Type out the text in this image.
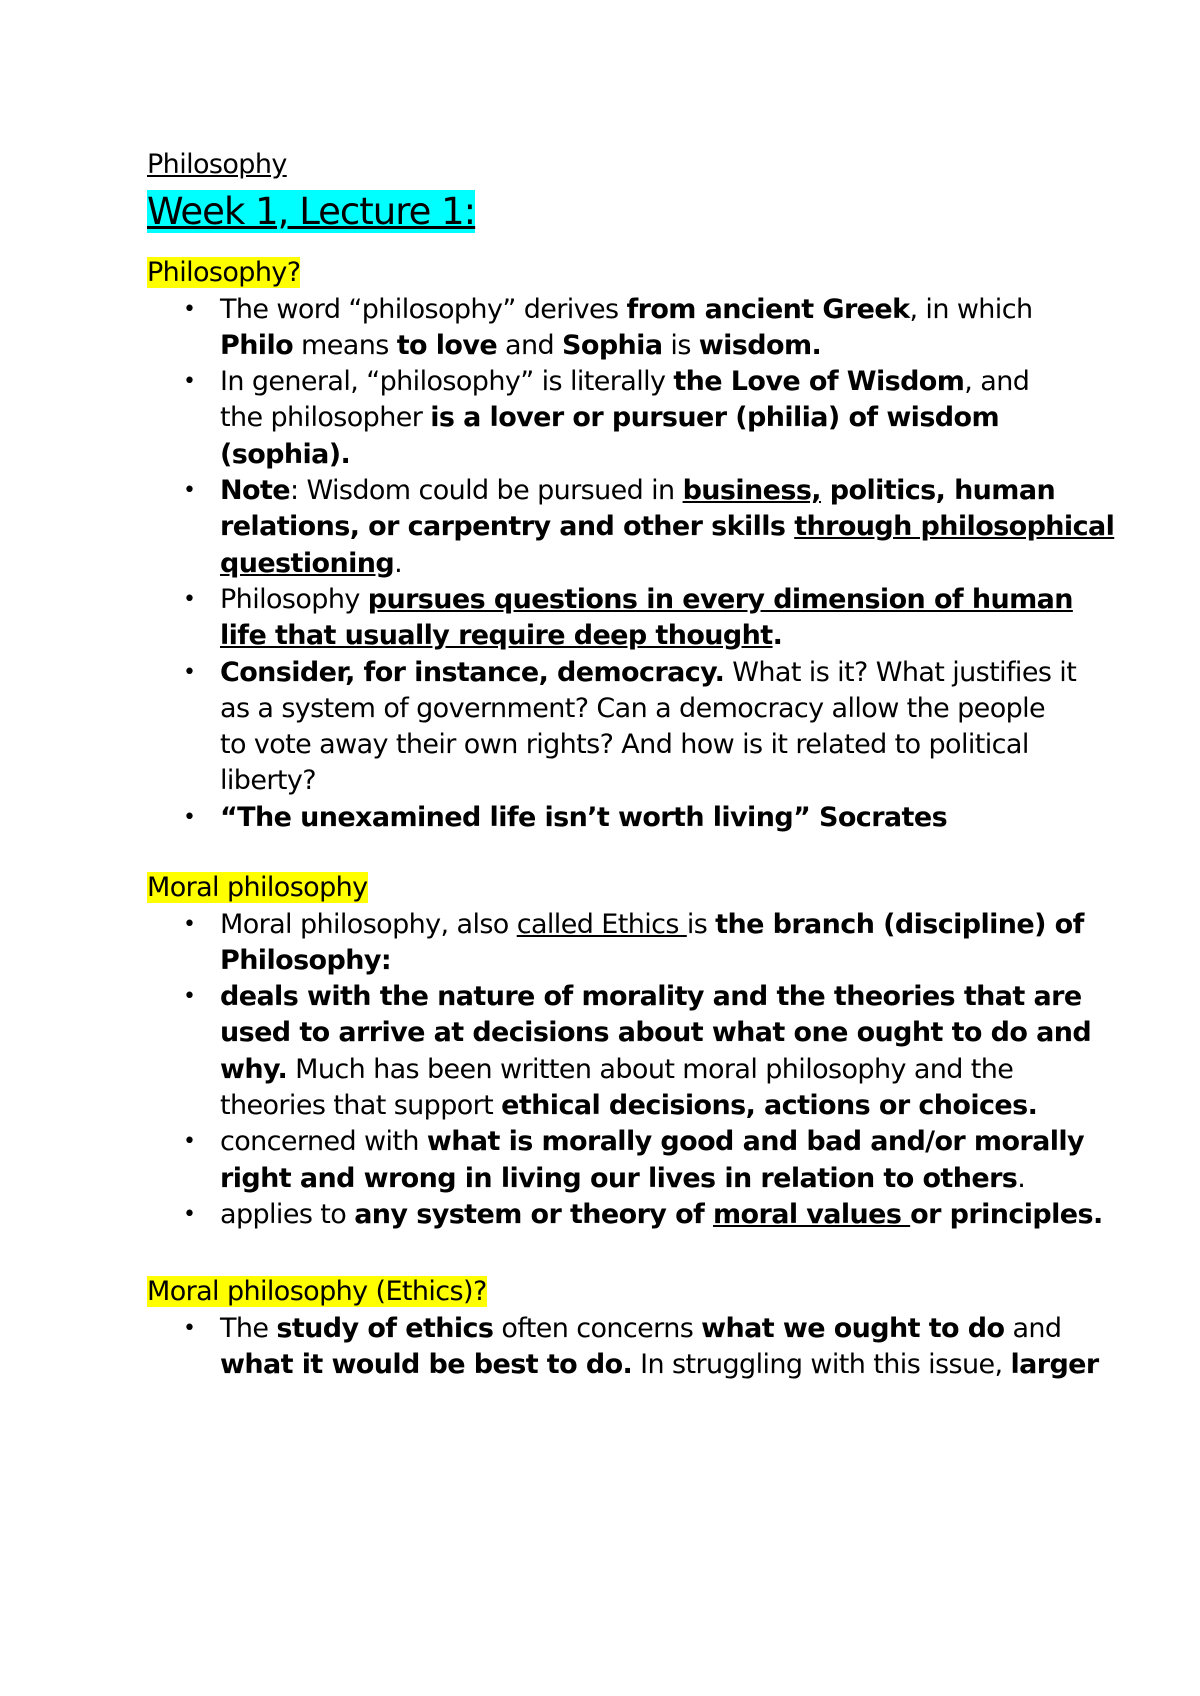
Philosophy
Week 1, Lecture 1:
Philosophy?
• The word “philosophy” derives from ancient Greek, in which
Philo means to love and Sophia is wisdom.
• In general, “philosophy” is literally the Love of Wisdom, and
the philosopher is a lover or pursuer (philia) of wisdom
(sophia).
• Note: Wisdom could be pursued in business, politics, human
relations, or carpentry and other skills through philosophical
questioning.
• Philosophy pursues questions in every dimension of human
life that usually require deep thought.
• Consider, for instance, democracy. What is it? What justifies it
as a system of government? Can a democracy allow the people
to vote away their own rights? And how is it related to political
liberty?
• “The unexamined life isn’t worth living” Socrates
Moral philosophy
• Moral philosophy, also called Ethics is the branch (discipline) of
Philosophy:
• deals with the nature of morality and the theories that are
used to arrive at decisions about what one ought to do and
why. Much has been written about moral philosophy and the
theories that support ethical decisions, actions or choices.
• concerned with what is morally good and bad and/or morally
right and wrong in living our lives in relation to others.
• applies to any system or theory of moral values or principles.
Moral philosophy (Ethics)?
• The study of ethics often concerns what we ought to do and
what it would be best to do. In struggling with this issue, larger
